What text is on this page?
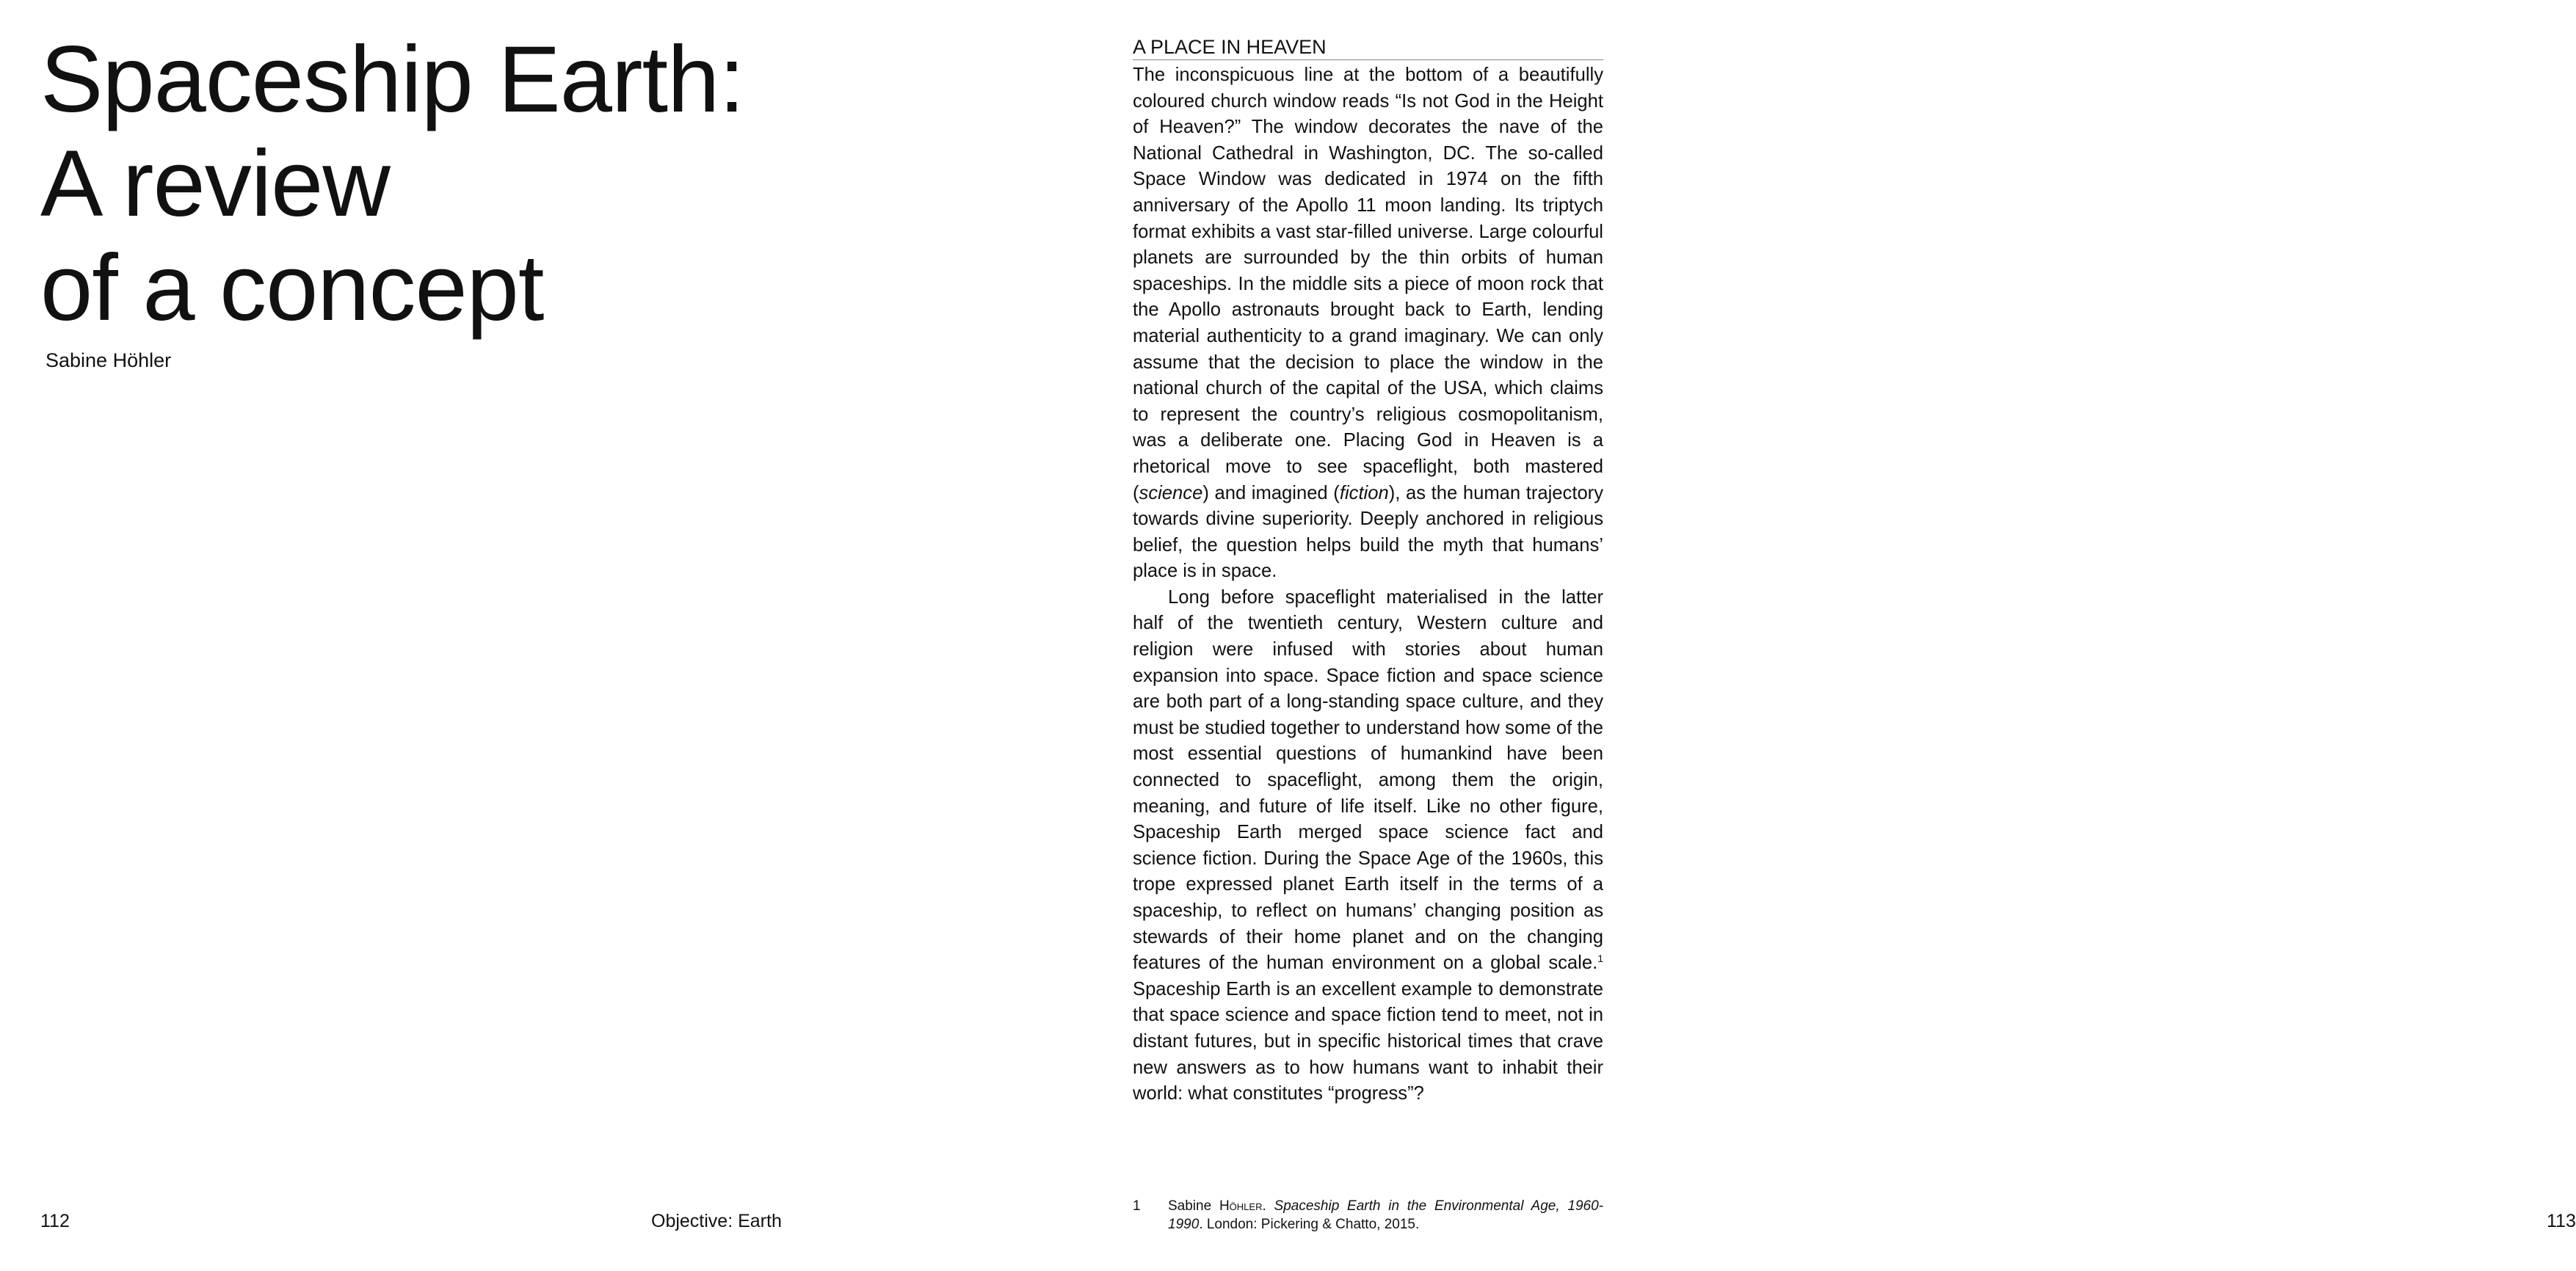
Spaceship Earth:
A review
of a concept
Sabine Höhler
112	Objective: Earth	113
A PLACE IN HEAVEN

The inconspicuous line at the bottom of a beautifully coloured church window reads “Is not God in the Height of Heaven?” The window decorates the nave of the National Cathedral in Washington, DC. The so-called Space Window was dedicated in 1974 on the fifth anniversary of the Apollo 11 moon landing. Its triptych format exhibits a vast star-filled universe. Large colourful planets are surrounded by the thin orbits of human spaceships. In the middle sits a piece of moon rock that the Apollo astronauts brought back to Earth, lending material authenticity to a grand imaginary. We can only assume that the decision to place the window in the national church of the capital of the USA, which claims to represent the country’s religious cosmopolitanism, was a deliberate one. Placing God in Heaven is a rhetorical move to see spaceflight, both mastered (science) and imagined (fiction), as the human trajectory towards divine superiority. Deeply anchored in religious belief, the question helps build the myth that humans’ place is in space.

Long before spaceflight materialised in the latter half of the twentieth century, Western culture and religion were infused with stories about human expansion into space. Space fiction and space science are both part of a long-standing space culture, and they must be studied together to understand how some of the most essential questions of humankind have been connected to spaceflight, among them the origin, meaning, and future of life itself. Like no other figure, Spaceship Earth merged space science fact and science fiction. During the Space Age of the 1960s, this trope expressed planet Earth itself in the terms of a spaceship, to reflect on humans’ changing position as stewards of their home planet and on the changing features of the human environment on a global scale.$^1$ Spaceship Earth is an excellent example to demonstrate that space science and space fiction tend to meet, not in distant futures, but in specific historical times that crave new answers as to how humans want to inhabit their world: what constitutes “progress”?

1 Sabine Höhler. Spaceship Earth in the Environmental Age, 1960-1990. London: Pickering & Chatto, 2015.
